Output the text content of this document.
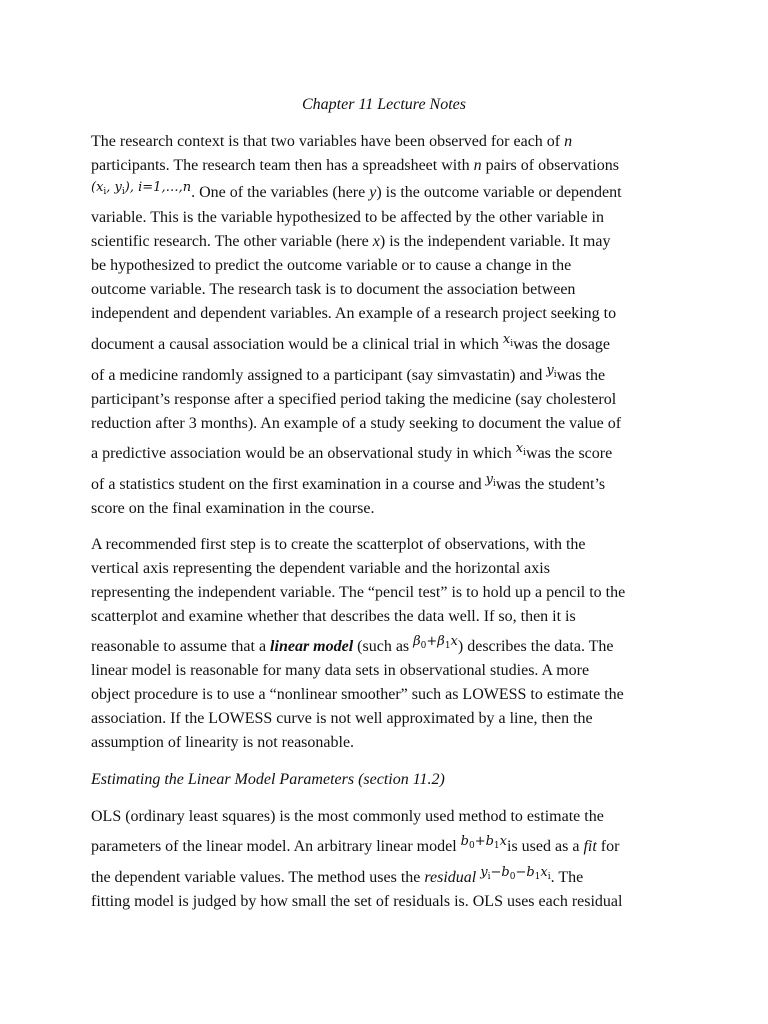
Chapter 11 Lecture Notes
The research context is that two variables have been observed for each of n
participants. The research team then has a spreadsheet with n pairs of observations
$^{(x_i, y_i), i=1,\dots,n}$. One of the variables (here y) is the outcome variable or dependent
variable. This is the variable hypothesized to be affected by the other variable in
scientific research. The other variable (here x) is the independent variable. It may
be hypothesized to predict the outcome variable or to cause a change in the
outcome variable. The research task is to document the association between
independent and dependent variables. An example of a research project seeking to
document a causal association would be a clinical trial in which $^{x_i}$was the dosage
of a medicine randomly assigned to a participant (say simvastatin) and $^{y_i}$was the
participant’s response after a specified period taking the medicine (say cholesterol
reduction after 3 months). An example of a study seeking to document the value of
a predictive association would be an observational study in which $^{x_i}$was the score
of a statistics student on the first examination in a course and $^{y_i}$was the student’s
score on the final examination in the course.
A recommended first step is to create the scatterplot of observations, with the
vertical axis representing the dependent variable and the horizontal axis
representing the independent variable. The “pencil test” is to hold up a pencil to the
scatterplot and examine whether that describes the data well. If so, then it is
reasonable to assume that a linear model (such as $^{\beta_0+\beta_1x}$) describes the data. The
linear model is reasonable for many data sets in observational studies. A more
object procedure is to use a “nonlinear smoother” such as LOWESS to estimate the
association. If the LOWESS curve is not well approximated by a line, then the
assumption of linearity is not reasonable.
Estimating the Linear Model Parameters (section 11.2)
OLS (ordinary least squares) is the most commonly used method to estimate the
parameters of the linear model. An arbitrary linear model $^{b_0+b_1x}$is used as a fit for
the dependent variable values. The method uses the residual $^{y_i-b_0-b_1x_i}$. The
fitting model is judged by how small the set of residuals is. OLS uses each residual
